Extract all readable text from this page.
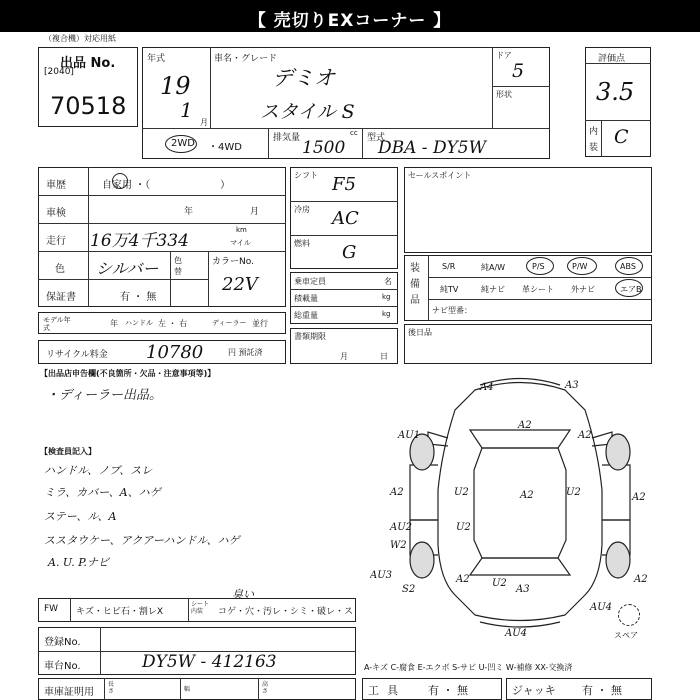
【 売切りEXコーナー 】
（複合機）対応用紙
出品 No.
[2040]
70518
年式
19
1
月
車名・グレード
デミオ
スタイル S
ドア
5
形状
2WD ・4WD
排気量	cc
1500 型式
DBA - DY5W
評価点
3.5
内
装 C
車歴	自家用 ・（　　　　　　　）
車検	年	月
走行 16万4千334
km
マイル
色 シルバー 色替
カラーNo.
22V
保証書	有 ・ 無
モデル年式	年 ハンドル 左 ・ 右	ディーラー 並行
リサイクル料金 10780	円 預託済
シフト F5
冷房 AC
燃料 G
乗車定員	名
積載量	kg
総重量	kg
書類期限
月	日
セールスポイント
装備品
S/R	純A/W	P/S	P/W	ABS
純TV	純ナビ 革シート 外ナビ	エアB
ナビ型番：
後日品
【出品店申告欄(不良箇所・欠品・注意事項等)】
・ディーラー出品。
【検査員記入】
ハンドル、ノブ、スレ
ミラ、カバー、A、ハゲ
ステー、ル、A
ススタウケー、アクアーハンドル、ハゲ
A. U. P.ナビ
A4	A3
AU1
A2
A2
A2	U2	U2	A2
A2
AU2
W2
U2
AU3
S2
A2 U2
A3
A2
AU4
AU4
スペア
FW キズ・ヒビ石・割レX
シート内装	コゲ・穴・汚レ・シミ・破レ・ス
臭い
登録No.
車台No.	DY5W - 412163	A-キズ C-腐食 E-エクボ S-サビ U-凹ミ W-補修 XX-交換済
車庫証明用
長さ	幅
高さ	工具 有 ・ 無	ジャッキ 有 ・ 無
